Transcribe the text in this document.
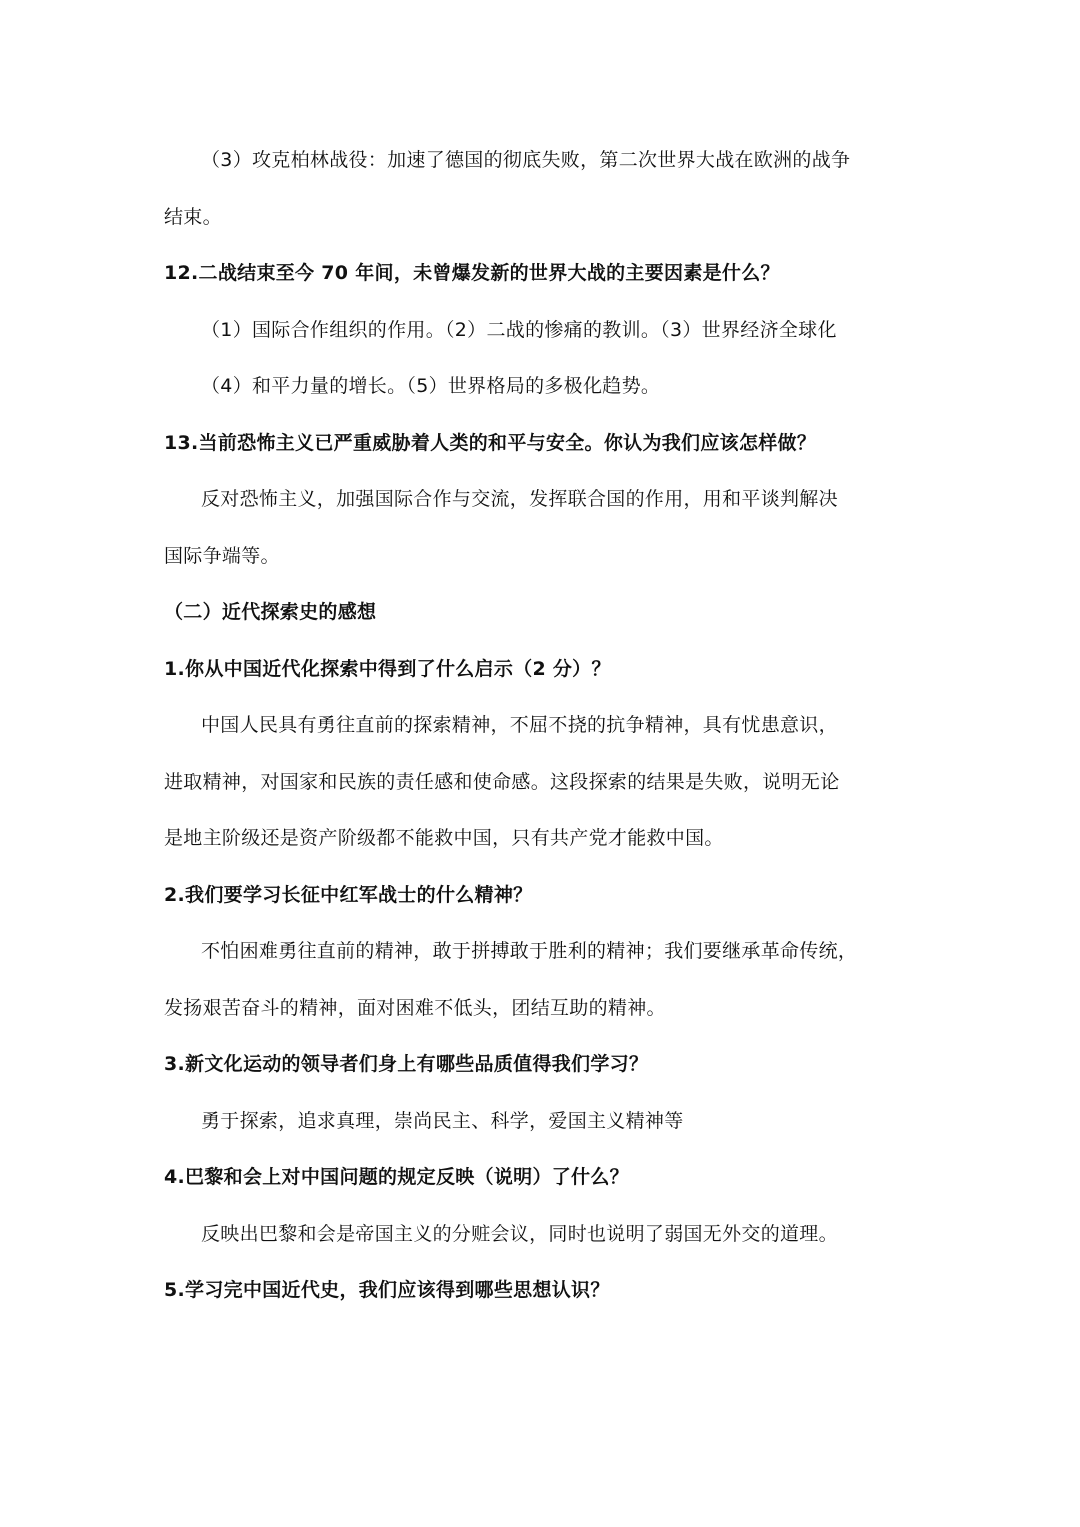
（3）攻克柏林战役：加速了德国的彻底失败，第二次世界大战在欧洲的战争
结束。
12.二战结束至今 70 年间，未曾爆发新的世界大战的主要因素是什么？
（1）国际合作组织的作用。（2）二战的惨痛的教训。（3）世界经济全球化
（4）和平力量的增长。（5）世界格局的多极化趋势。
13.当前恐怖主义已严重威胁着人类的和平与安全。你认为我们应该怎样做？
反对恐怖主义，加强国际合作与交流，发挥联合国的作用，用和平谈判解决
国际争端等。
（二）近代探索史的感想
1.你从中国近代化探索中得到了什么启示（2 分）？
中国人民具有勇往直前的探索精神，不屈不挠的抗争精神，具有忧患意识，
进取精神，对国家和民族的责任感和使命感。这段探索的结果是失败，说明无论
是地主阶级还是资产阶级都不能救中国，只有共产党才能救中国。
2.我们要学习长征中红军战士的什么精神？
不怕困难勇往直前的精神，敢于拼搏敢于胜利的精神；我们要继承革命传统，
发扬艰苦奋斗的精神，面对困难不低头，团结互助的精神。
3.新文化运动的领导者们身上有哪些品质值得我们学习？
勇于探索，追求真理，崇尚民主、科学，爱国主义精神等
4.巴黎和会上对中国问题的规定反映（说明）了什么？
反映出巴黎和会是帝国主义的分赃会议，同时也说明了弱国无外交的道理。
5.学习完中国近代史，我们应该得到哪些思想认识？
